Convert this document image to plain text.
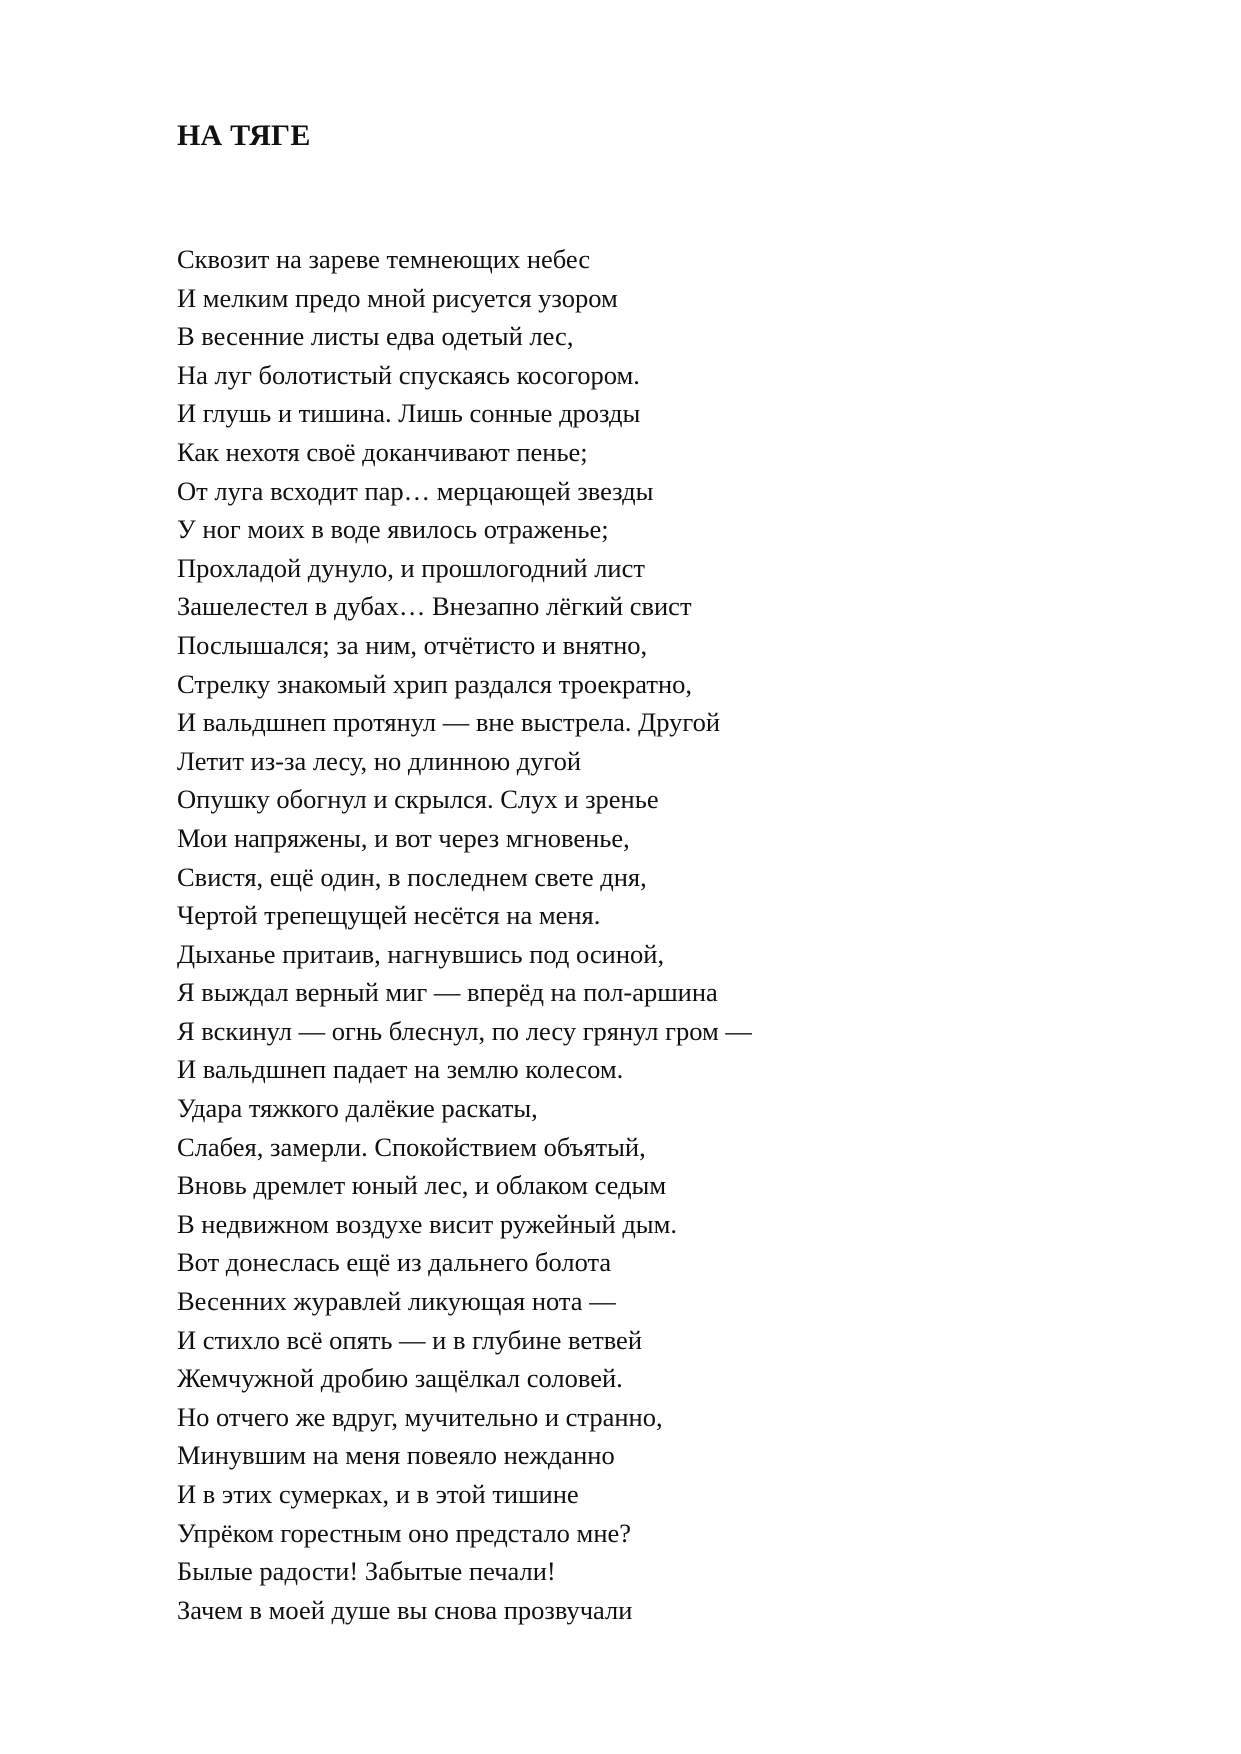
НА ТЯГЕ
Сквозит на зареве темнеющих небес
И мелким предо мной рисуется узором
В весенние листы едва одетый лес,
На луг болотистый спускаясь косогором.
И глушь и тишина. Лишь сонные дрозды
Как нехотя своё доканчивают пенье;
От луга всходит пар… мерцающей звезды
У ног моих в воде явилось отраженье;
Прохладой дунуло, и прошлогодний лист
Зашелестел в дубах… Внезапно лёгкий свист
Послышался; за ним, отчётисто и внятно,
Стрелку знакомый хрип раздался троекратно,
И вальдшнеп протянул — вне выстрела. Другой
Летит из-за лесу, но длинною дугой
Опушку обогнул и скрылся. Слух и зренье
Мои напряжены, и вот через мгновенье,
Свистя, ещё один, в последнем свете дня,
Чертой трепещущей несётся на меня.
Дыханье притаив, нагнувшись под осиной,
Я выждал верный миг — вперёд на пол-аршина
Я вскинул — огнь блеснул, по лесу грянул гром —
И вальдшнеп падает на землю колесом.
Удара тяжкого далёкие раскаты,
Слабея, замерли. Спокойствием объятый,
Вновь дремлет юный лес, и облаком седым
В недвижном воздухе висит ружейный дым.
Вот донеслась ещё из дальнего болота
Весенних журавлей ликующая нота —
И стихло всё опять — и в глубине ветвей
Жемчужной дробию защёлкал соловей.
Но отчего же вдруг, мучительно и странно,
Минувшим на меня повеяло нежданно
И в этих сумерках, и в этой тишине
Упрёком горестным оно предстало мне?
Былые радости! Забытые печали!
Зачем в моей душе вы снова прозвучали
